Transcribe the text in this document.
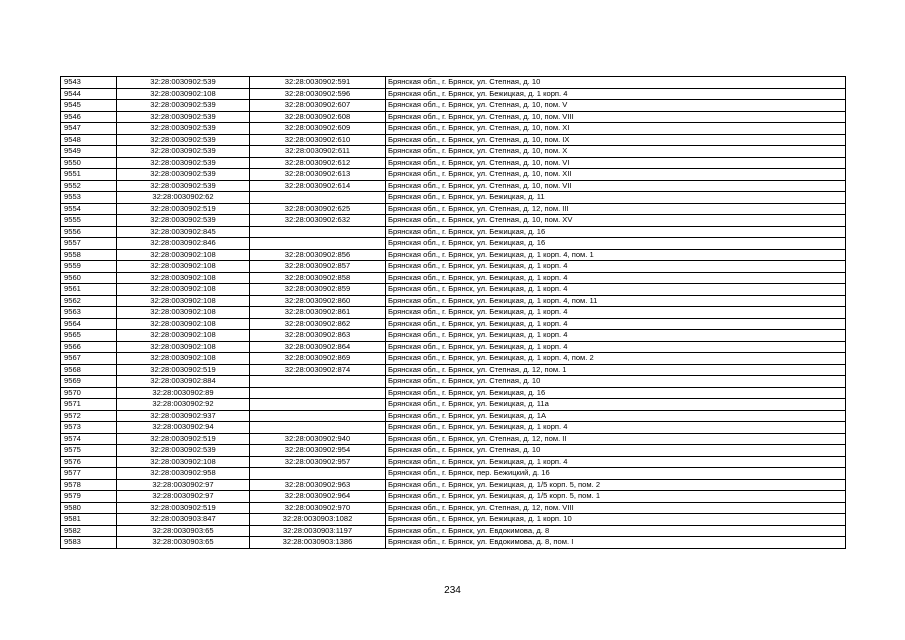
9543	32:28:0030902:539	32:28:0030902:591	Брянская обл., г. Брянск, ул. Степная, д. 10
9544	32:28:0030902:108	32:28:0030902:596	Брянская обл., г. Брянск, ул. Бежицкая, д. 1 корп. 4
9545	32:28:0030902:539	32:28:0030902:607	Брянская обл., г. Брянск, ул. Степная, д. 10, пом. V
9546	32:28:0030902:539	32:28:0030902:608	Брянская обл., г. Брянск, ул. Степная, д. 10, пом. VIII
9547	32:28:0030902:539	32:28:0030902:609	Брянская обл., г. Брянск, ул. Степная, д. 10, пом. XI
9548	32:28:0030902:539	32:28:0030902:610	Брянская обл., г. Брянск, ул. Степная, д. 10, пом. IX
9549	32:28:0030902:539	32:28:0030902:611	Брянская обл., г. Брянск, ул. Степная, д. 10, пом. X
9550	32:28:0030902:539	32:28:0030902:612	Брянская обл., г. Брянск, ул. Степная, д. 10, пом. VI
9551	32:28:0030902:539	32:28:0030902:613	Брянская обл., г. Брянск, ул. Степная, д. 10, пом. XII
9552	32:28:0030902:539	32:28:0030902:614	Брянская обл., г. Брянск, ул. Степная, д. 10, пом. VII
9553	32:28:0030902:62		Брянская обл., г. Брянск, ул. Бежицкая, д. 11
9554	32:28:0030902:519	32:28:0030902:625	Брянская обл., г. Брянск, ул. Степная, д. 12, пом. III
9555	32:28:0030902:539	32:28:0030902:632	Брянская обл., г. Брянск, ул. Степная, д. 10, пом. XV
9556	32:28:0030902:845		Брянская обл., г. Брянск, ул. Бежицкая, д. 16
9557	32:28:0030902:846		Брянская обл., г. Брянск, ул. Бежицкая, д. 16
9558	32:28:0030902:108	32:28:0030902:856	Брянская обл., г. Брянск, ул. Бежицкая, д. 1 корп. 4, пом. 1
9559	32:28:0030902:108	32:28:0030902:857	Брянская обл., г. Брянск, ул. Бежицкая, д. 1 корп. 4
9560	32:28:0030902:108	32:28:0030902:858	Брянская обл., г. Брянск, ул. Бежицкая, д. 1 корп. 4
9561	32:28:0030902:108	32:28:0030902:859	Брянская обл., г. Брянск, ул. Бежицкая, д. 1 корп. 4
9562	32:28:0030902:108	32:28:0030902:860	Брянская обл., г. Брянск, ул. Бежицкая, д. 1 корп. 4, пом. 11
9563	32:28:0030902:108	32:28:0030902:861	Брянская обл., г. Брянск, ул. Бежицкая, д. 1 корп. 4
9564	32:28:0030902:108	32:28:0030902:862	Брянская обл., г. Брянск, ул. Бежицкая, д. 1 корп. 4
9565	32:28:0030902:108	32:28:0030902:863	Брянская обл., г. Брянск, ул. Бежицкая, д. 1 корп. 4
9566	32:28:0030902:108	32:28:0030902:864	Брянская обл., г. Брянск, ул. Бежицкая, д. 1 корп. 4
9567	32:28:0030902:108	32:28:0030902:869	Брянская обл., г. Брянск, ул. Бежицкая, д. 1 корп. 4, пом. 2
9568	32:28:0030902:519	32:28:0030902:874	Брянская обл., г. Брянск, ул. Степная, д. 12, пом. 1
9569	32:28:0030902:884		Брянская обл., г. Брянск, ул. Степная, д. 10
9570	32:28:0030902:89		Брянская обл., г. Брянск, ул. Бежицкая, д. 16
9571	32:28:0030902:92		Брянская обл., г. Брянск, ул. Бежицкая, д. 11а
9572	32:28:0030902:937		Брянская обл., г. Брянск, ул. Бежицкая, д. 1А
9573	32:28:0030902:94		Брянская обл., г. Брянск, ул. Бежицкая, д. 1 корп. 4
9574	32:28:0030902:519	32:28:0030902:940	Брянская обл., г. Брянск, ул. Степная, д. 12, пом. II
9575	32:28:0030902:539	32:28:0030902:954	Брянская обл., г. Брянск, ул. Степная, д. 10
9576	32:28:0030902:108	32:28:0030902:957	Брянская обл., г. Брянск, ул. Бежицкая, д. 1 корп. 4
9577	32:28:0030902:958		Брянская обл., г. Брянск, пер. Бежицкий, д. 16
9578	32:28:0030902:97	32:28:0030902:963	Брянская обл., г. Брянск, ул. Бежицкая, д. 1/5 корп. 5, пом. 2
9579	32:28:0030902:97	32:28:0030902:964	Брянская обл., г. Брянск, ул. Бежицкая, д. 1/5 корп. 5, пом. 1
9580	32:28:0030902:519	32:28:0030902:970	Брянская обл., г. Брянск, ул. Степная, д. 12, пом. VIII
9581	32:28:0030903:847	32:28:0030903:1082	Брянская обл., г. Брянск, ул. Бежицкая, д. 1 корп. 10
9582	32:28:0030903:65	32:28:0030903:1197	Брянская обл., г. Брянск, ул. Евдокимова, д. 8
9583	32:28:0030903:65	32:28:0030903:1386	Брянская обл., г. Брянск, ул. Евдокимова, д. 8, пом. I
234
